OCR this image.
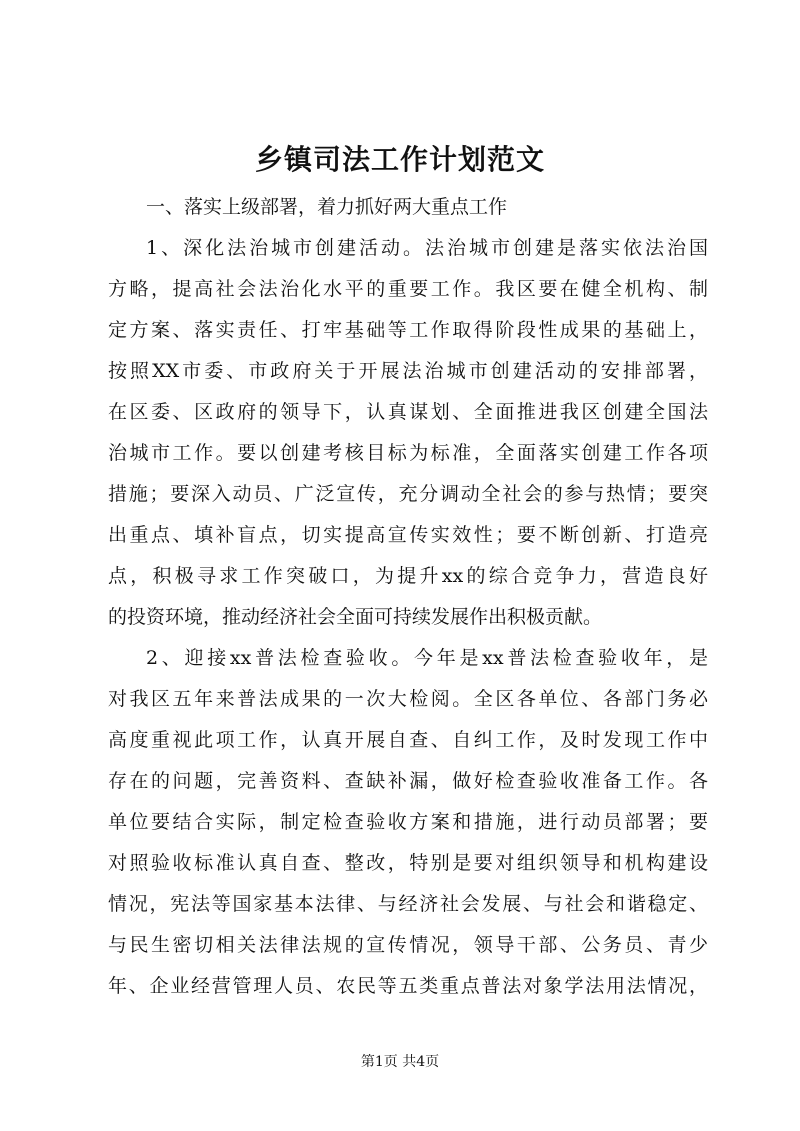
乡镇司法工作计划范文

一、落实上级部署，着力抓好两大重点工作

1、深化法治城市创建活动。法治城市创建是落实依法治国

方略，提高社会法治化水平的重要工作。我区要在健全机构、制

定方案、落实责任、打牢基础等工作取得阶段性成果的基础上，

按照XX市委、市政府关于开展法治城市创建活动的安排部署，

在区委、区政府的领导下，认真谋划、全面推进我区创建全国法

治城市工作。要以创建考核目标为标准，全面落实创建工作各项

措施；要深入动员、广泛宣传，充分调动全社会的参与热情；要突

出重点、填补盲点，切实提高宣传实效性；要不断创新、打造亮

点，积极寻求工作突破口，为提升xx的综合竞争力，营造良好

的投资环境，推动经济社会全面可持续发展作出积极贡献。

2、迎接xx普法检查验收。今年是xx普法检查验收年，是

对我区五年来普法成果的一次大检阅。全区各单位、各部门务必

高度重视此项工作，认真开展自查、自纠工作，及时发现工作中

存在的问题，完善资料、查缺补漏，做好检查验收准备工作。各

单位要结合实际，制定检查验收方案和措施，进行动员部署；要

对照验收标准认真自查、整改，特别是要对组织领导和机构建设

情况，宪法等国家基本法律、与经济社会发展、与社会和谐稳定、

与民生密切相关法律法规的宣传情况，领导干部、公务员、青少

年、企业经营管理人员、农民等五类重点普法对象学法用法情况，

第1页 共4页
